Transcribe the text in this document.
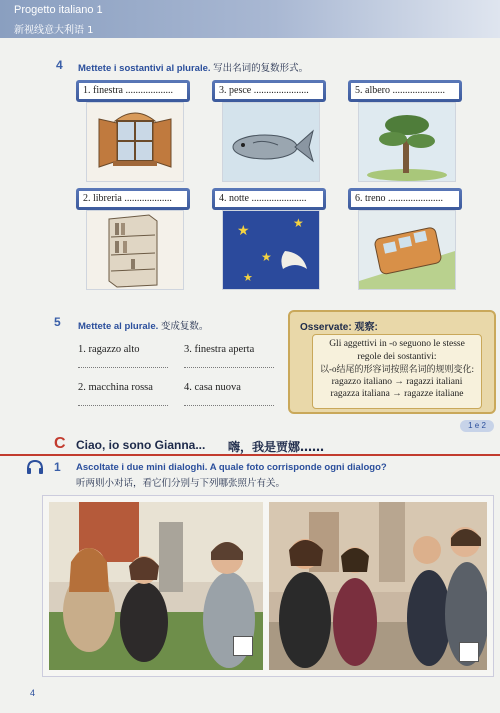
Progetto italiano 1
新视线意大利语 1
4 Mettete i sostantivi al plurale. 写出名词的复数形式。
1. finestra ...................	3. pesce ......................	5. albero .....................
2. libreria ...................	4. notte ......................
★
★
★
★
6. treno ......................
5 Mettete al plurale. 变成复数。
1. ragazzo alto	3. finestra aperta
2. macchina rossa	4. casa nuova
Osservate: 观察:
Gli aggettivi in -o seguono le stesse
regole dei sostantivi:
以-o结尾的形容词按照名词的规则变化:
ragazzo italiano → ragazzi italiani
ragazza italiana → ragazze italiane
1 e 2
C Ciao, io sono Gianna... 嗨，我是贾娜……
1 Ascoltate i due mini dialoghi. A quale foto corrisponde ogni dialogo?
听两则小对话，看它们分别与下列哪张照片有关。
4
